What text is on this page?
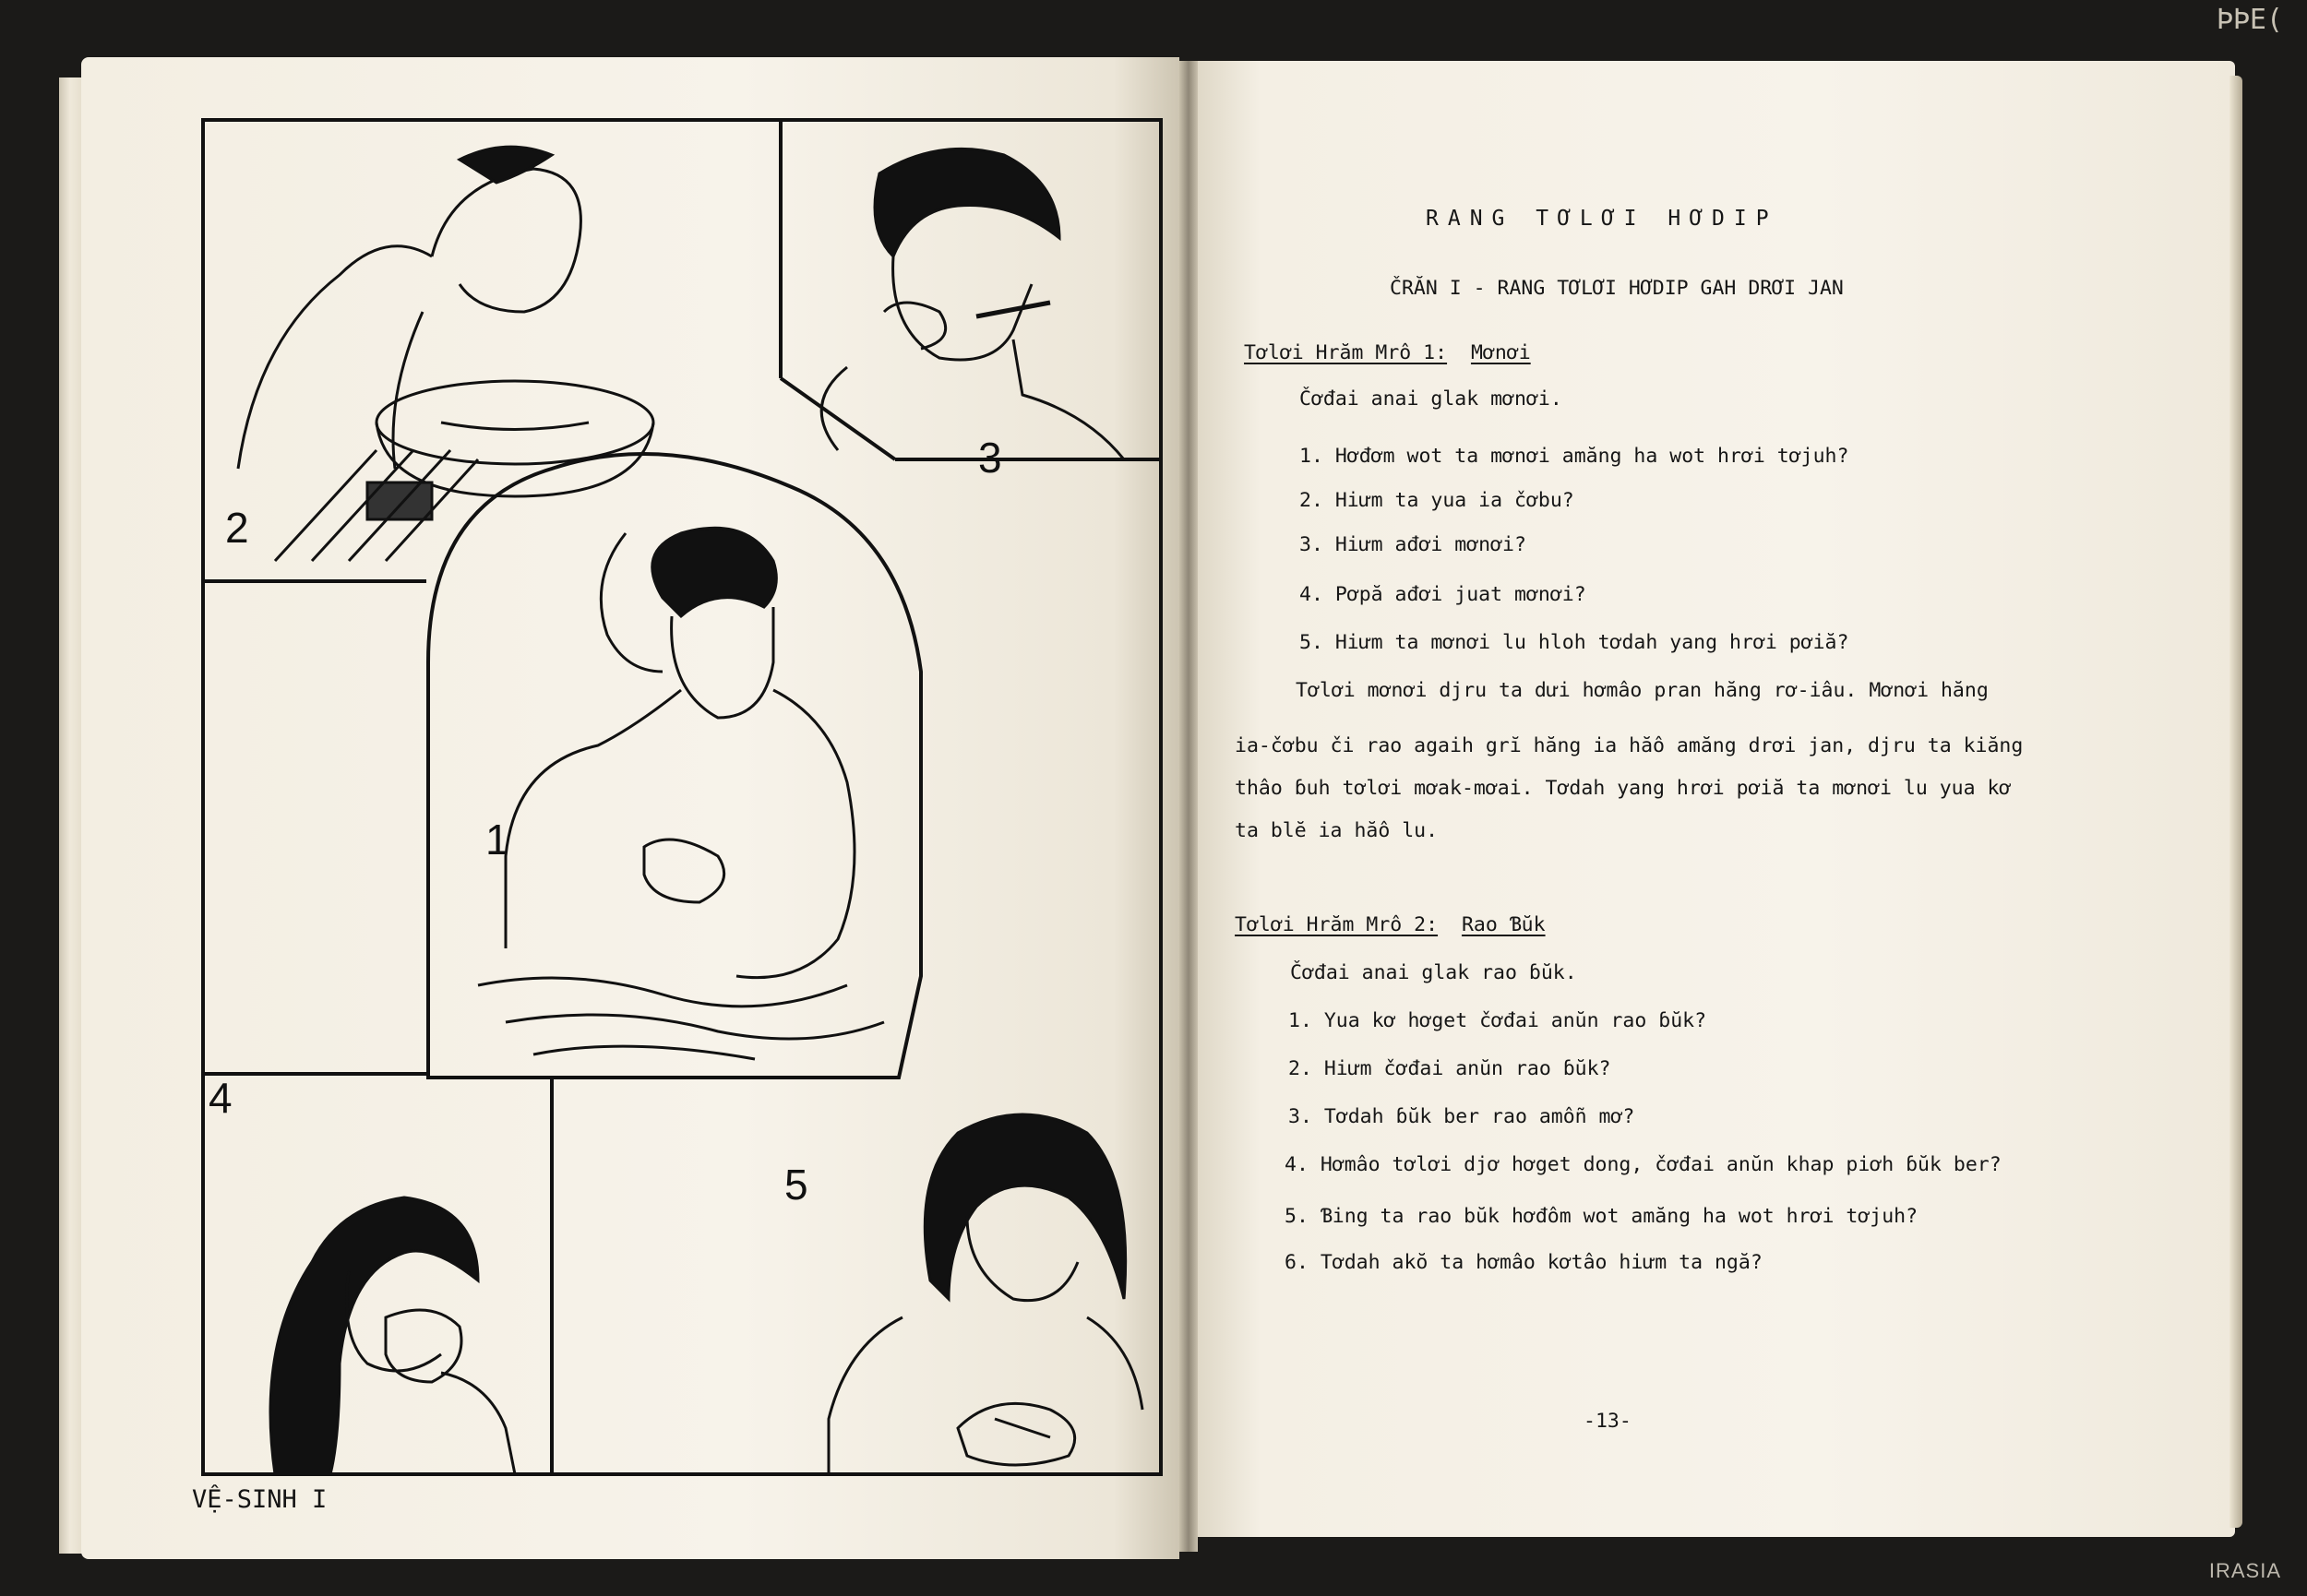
ÞÞE(
2
3
1
4
5
VỆ-SINH I
RANG TƠLƠI HƠDIP
ČRĂN I - RANG TƠLƠI HƠDIP GAH DRƠI JAN
Tơlơi Hrăm Mrô 1: Mơnơi
Čơđai anai glak mơnơi.
1. Hơđơm wot ta mơnơi amăng ha wot hrơi tơjuh?
2. Hiưm ta yua ia čơbu?
3. Hiưm ađơi mơnơi?
4. Pơpă ađơi juat mơnơi?
5. Hiưm ta mơnơi lu hloh tơdah yang hrơi pơiă?
Tơlơi mơnơi djru ta dưi hơmâo pran hăng rơ-iâu. Mơnơi hăng
ia-čơbu či rao agaih grĭ hăng ia hăô amăng drơi jan, djru ta kiăng
thâo ɓuh tơlơi mơak-mơai. Tơdah yang hrơi pơiă ta mơnơi lu yua kơ
ta blĕ ia hăô lu.
Tơlơi Hrăm Mrô 2: Rao Ɓŭk
Čơđai anai glak rao ɓŭk.
1. Yua kơ hơget čơđai anŭn rao ɓŭk?
2. Hiưm čơđai anŭn rao ɓŭk?
3. Tơdah ɓŭk ber rao amôñ mơ?
4. Hơmâo tơlơi djơ hơget dong, čơđai anŭn khap piơh ɓŭk ber?
5. Ɓing ta rao bŭk hơđôm wot amăng ha wot hrơi tơjuh?
6. Tơdah akŏ ta hơmâo kơtâo hiưm ta ngă?
-13-
IRASIA
